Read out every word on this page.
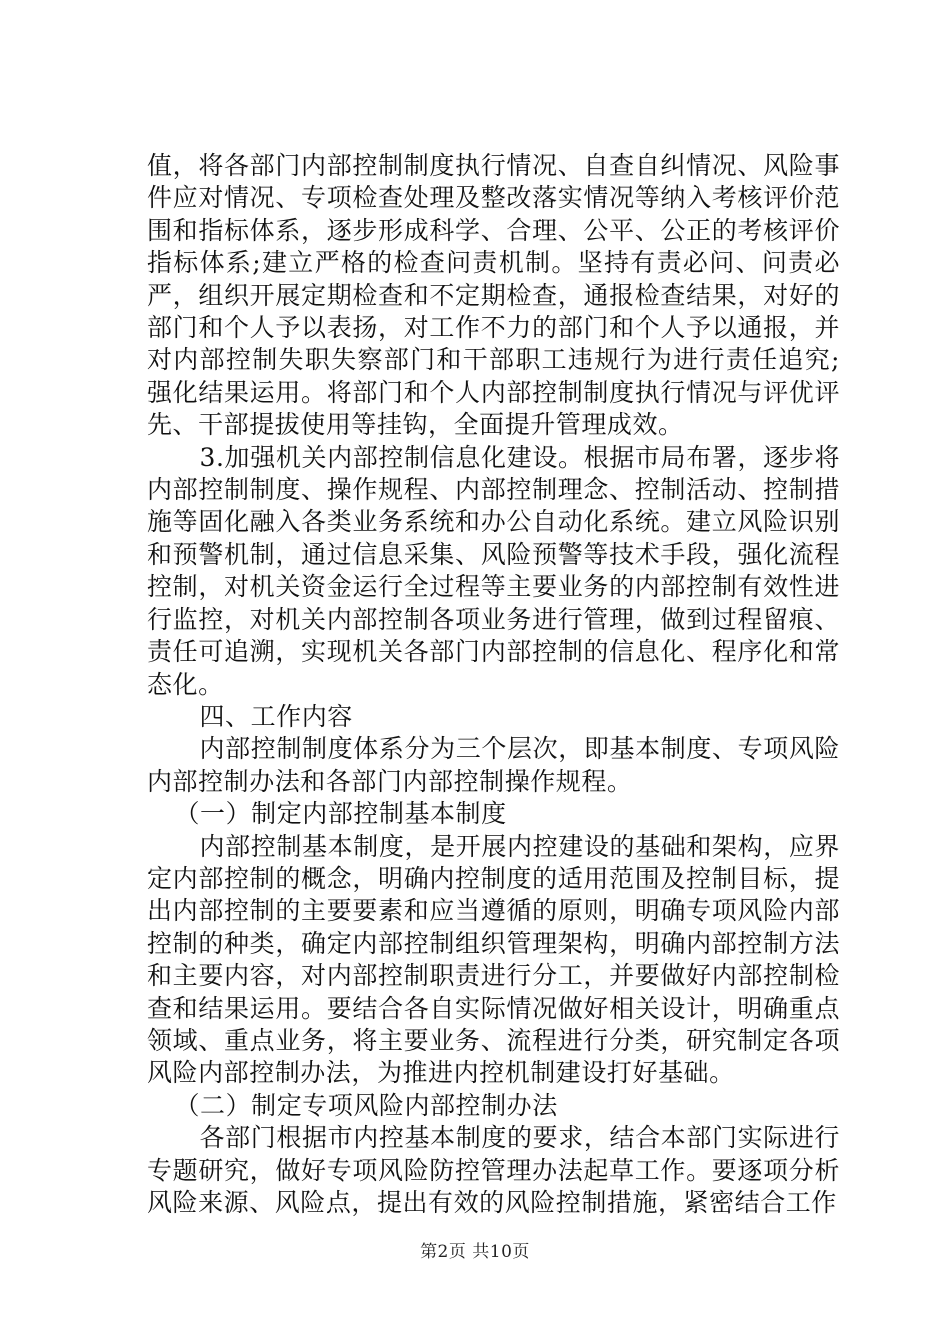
值，将各部门内部控制制度执行情况、自查自纠情况、风险事件应对情况、专项检查处理及整改落实情况等纳入考核评价范围和指标体系，逐步形成科学、合理、公平、公正的考核评价指标体系;建立严格的检查问责机制。坚持有责必问、问责必严，组织开展定期检查和不定期检查，通报检查结果，对好的部门和个人予以表扬，对工作不力的部门和个人予以通报，并对内部控制失职失察部门和干部职工违规行为进行责任追究;强化结果运用。将部门和个人内部控制制度执行情况与评优评先、干部提拔使用等挂钩，全面提升管理成效。

3.加强机关内部控制信息化建设。根据市局布署，逐步将内部控制制度、操作规程、内部控制理念、控制活动、控制措施等固化融入各类业务系统和办公自动化系统。建立风险识别和预警机制，通过信息采集、风险预警等技术手段，强化流程控制，对机关资金运行全过程等主要业务的内部控制有效性进行监控，对机关内部控制各项业务进行管理，做到过程留痕、责任可追溯，实现机关各部门内部控制的信息化、程序化和常态化。

四、工作内容

内部控制制度体系分为三个层次，即基本制度、专项风险内部控制办法和各部门内部控制操作规程。

（一）制定内部控制基本制度

内部控制基本制度，是开展内控建设的基础和架构，应界定内部控制的概念，明确内控制度的适用范围及控制目标，提出内部控制的主要要素和应当遵循的原则，明确专项风险内部控制的种类，确定内部控制组织管理架构，明确内部控制方法和主要内容，对内部控制职责进行分工，并要做好内部控制检查和结果运用。要结合各自实际情况做好相关设计，明确重点领域、重点业务，将主要业务、流程进行分类，研究制定各项风险内部控制办法，为推进内控机制建设打好基础。

（二）制定专项风险内部控制办法

各部门根据市内控基本制度的要求，结合本部门实际进行专题研究，做好专项风险防控管理办法起草工作。要逐项分析风险来源、风险点，提出有效的风险控制措施，紧密结合工作

第2页 共10页
